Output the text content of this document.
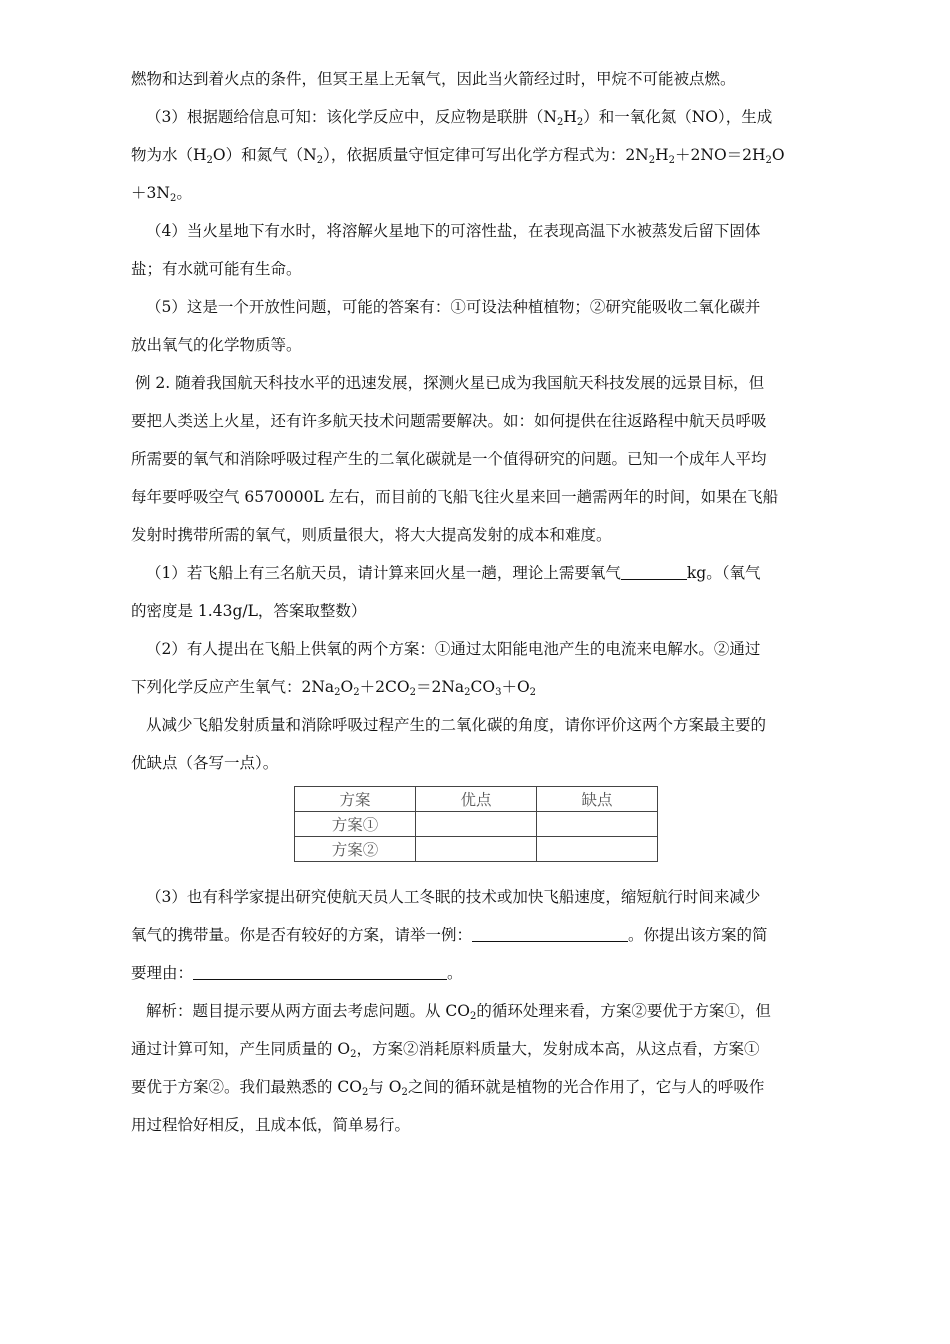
燃物和达到着火点的条件，但冥王星上无氧气，因此当火箭经过时，甲烷不可能被点燃。
（3）根据题给信息可知：该化学反应中，反应物是联肼$(N_2H_2)$和一氧化氮（NO），生成
物为水$(H_2O)$和氮气$(N_2)$，依据质量守恒定律可写出化学方程式为：$2N_2H_2+2NO=2H_2O$
$+3N_2$。
（4）当火星地下有水时，将溶解火星地下的可溶性盐，在表现高温下水被蒸发后留下固体
盐；有水就可能有生命。
（5）这是一个开放性问题，可能的答案有：①可设法种植植物；②研究能吸收二氧化碳并
放出氧气的化学物质等。
例 2. 随着我国航天科技水平的迅速发展，探测火星已成为我国航天科技发展的远景目标，但
要把人类送上火星，还有许多航天技术问题需要解决。如：如何提供在往返路程中航天员呼吸
所需要的氧气和消除呼吸过程产生的二氧化碳就是一个值得研究的问题。已知一个成年人平均
每年要呼吸空气 6570000L 左右，而目前的飞船飞往火星来回一趟需两年的时间，如果在飞船
发射时携带所需的氧气，则质量很大，将大大提高发射的成本和难度。
（1）若飞船上有三名航天员，请计算来回火星一趟，理论上需要氧气	kg。（氧气
的密度是 1.43g/L，答案取整数）
（2）有人提出在飞船上供氧的两个方案：①通过太阳能电池产生的电流来电解水。②通过
下列化学反应产生氧气：$2Na_2O_2+2CO_2=2Na_2CO_3+O_2$
从减少飞船发射质量和消除呼吸过程产生的二氧化碳的角度，请你评价这两个方案最主要的
优缺点（各写一点）。
方案	优点	缺点
方案①		
方案②		
（3）也有科学家提出研究使航天员人工冬眠的技术或加快飞船速度，缩短航行时间来减少
氧气的携带量。你是否有较好的方案，请举一例：	。你提出该方案的简
要理由：	。
解析：题目提示要从两方面去考虑问题。从 $CO_2$的循环处理来看，方案②要优于方案①，但
通过计算可知，产生同质量的 $O_2$，方案②消耗原料质量大，发射成本高，从这点看，方案①
要优于方案②。我们最熟悉的 $CO_2$与 $O_2$之间的循环就是植物的光合作用了，它与人的呼吸作
用过程恰好相反，且成本低，简单易行。
